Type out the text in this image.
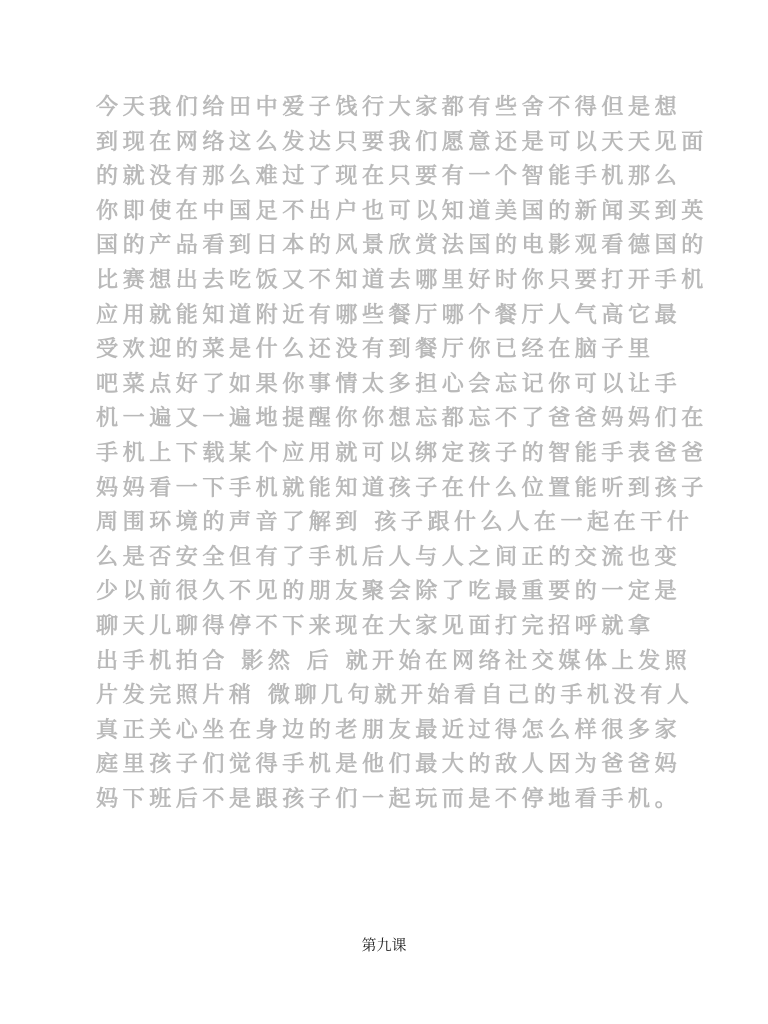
今天我们给田中爱子饯行大家都有些舍不得但是想
到现在网络这么发达只要我们愿意还是可以天天见面
的就没有那么难过了现在只要有一个智能手机那么
你即使在中国足不出户也可以知道美国的新闻买到英
国的产品看到日本的风景欣赏法国的电影观看德国的
比赛想出去吃饭又不知道去哪里好时你只要打开手机
应用就能知道附近有哪些餐厅哪个餐厅人气高它最
受欢迎的菜是什么还没有到餐厅你已经在脑子里
吧菜点好了如果你事情太多担心会忘记你可以让手
机一遍又一遍地提醒你你想忘都忘不了爸爸妈妈们在
手机上下载某个应用就可以绑定孩子的智能手表爸爸
妈妈看一下手机就能知道孩子在什么位置能听到孩子
周围环境的声音了解到 孩子跟什么人在一起在干什
么是否安全但有了手机后人与人之间正的交流也变
少以前很久不见的朋友聚会除了吃最重要的一定是
聊天儿聊得停不下来现在大家见面打完招呼就拿
出手机拍合 影然 后 就开始在网络社交媒体上发照
片发完照片稍 微聊几句就开始看自己的手机没有人
真正关心坐在身边的老朋友最近过得怎么样很多家
庭里孩子们觉得手机是他们最大的敌人因为爸爸妈
妈下班后不是跟孩子们一起玩而是不停地看手机。
第九课
